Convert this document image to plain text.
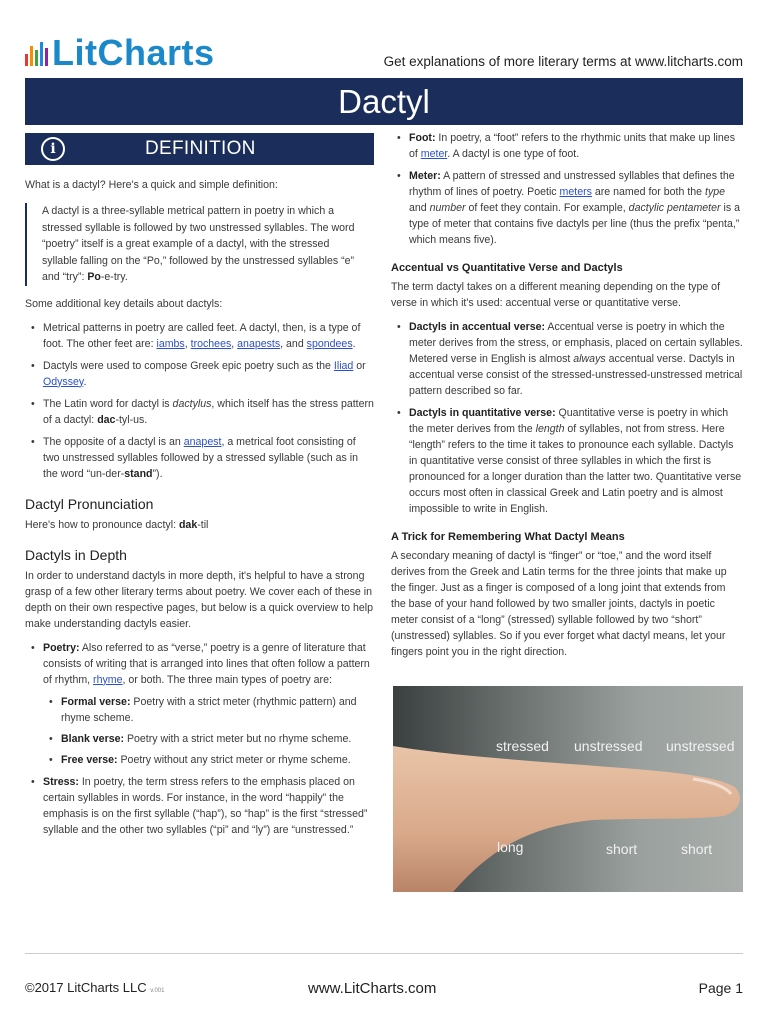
LitCharts	Get explanations of more literary terms at www.litcharts.com
Dactyl
i	DEFINITION

What is a dactyl? Here's a quick and simple definition:

A dactyl is a three-syllable metrical pattern in poetry in which a stressed syllable is followed by two unstressed syllables. The word “poetry” itself is a great example of a dactyl, with the stressed syllable falling on the “Po,” followed by the unstressed syllables “e” and “try”: Po-e-try.

Some additional key details about dactyls:

• Metrical patterns in poetry are called feet. A dactyl, then, is a type of foot. The other feet are: iambs, trochees, anapests, and spondees.
• Dactyls were used to compose Greek epic poetry such as the Iliad or Odyssey.
• The Latin word for dactyl is dactylus, which itself has the stress pattern of a dactyl: dac-tyl-us.
• The opposite of a dactyl is an anapest, a metrical foot consisting of two unstressed syllables followed by a stressed syllable (such as in the word “un-der-stand”).
Dactyl Pronunciation

Here's how to pronounce dactyl: dak-til

Dactyls in Depth

In order to understand dactyls in more depth, it's helpful to have a strong grasp of a few other literary terms about poetry. We cover each of these in depth on their own respective pages, but below is a quick overview to help make understanding dactyls easier.

• Poetry: Also referred to as “verse,” poetry is a genre of literature that consists of writing that is arranged into lines that often follow a pattern of rhythm, rhyme, or both. The three main types of poetry are:
• Formal verse: Poetry with a strict meter (rhythmic pattern) and rhyme scheme.
• Blank verse: Poetry with a strict meter but no rhyme scheme.
• Free verse: Poetry without any strict meter or rhyme scheme.
• Stress: In poetry, the term stress refers to the emphasis placed on certain syllables in words. For instance, in the word “happily” the emphasis is on the first syllable (“hap”), so “hap” is the first “stressed” syllable and the other two syllables (“pi” and “ly”) are “unstressed.”
• Foot: In poetry, a “foot” refers to the rhythmic units that make up lines of meter. A dactyl is one type of foot.
• Meter: A pattern of stressed and unstressed syllables that defines the rhythm of lines of poetry. Poetic meters are named for both the type and number of feet they contain. For example, dactylic pentameter is a type of meter that contains five dactyls per line (thus the prefix “penta,” which means five).
Accentual vs Quantitative Verse and Dactyls

The term dactyl takes on a different meaning depending on the type of verse in which it's used: accentual verse or quantitative verse.

• Dactyls in accentual verse: Accentual verse is poetry in which the meter derives from the stress, or emphasis, placed on certain syllables. Metered verse in English is almost always accentual verse. Dactyls in accentual verse consist of the stressed-unstressed-unstressed metrical pattern described so far.
• Dactyls in quantitative verse: Quantitative verse is poetry in which the meter derives from the length of syllables, not from stress. Here “length” refers to the time it takes to pronounce each syllable. Dactyls in quantitative verse consist of three syllables in which the first is pronounced for a longer duration than the latter two. Quantitative verse occurs most often in classical Greek and Latin poetry and is almost impossible to write in English.
A Trick for Remembering What Dactyl Means

A secondary meaning of dactyl is “finger” or “toe,” and the word itself derives from the Greek and Latin terms for the three joints that make up the finger. Just as a finger is composed of a long joint that extends from the base of your hand followed by two smaller joints, dactyls in poetic meter consist of a “long” (stressed) syllable followed by two “short” (unstressed) syllables. So if you ever forget what dactyl means, let your fingers point you in the right direction.

stressed unstressed unstressed
long	short	short
©2017 LitCharts LLC v.001	www.LitCharts.com	Page 1
